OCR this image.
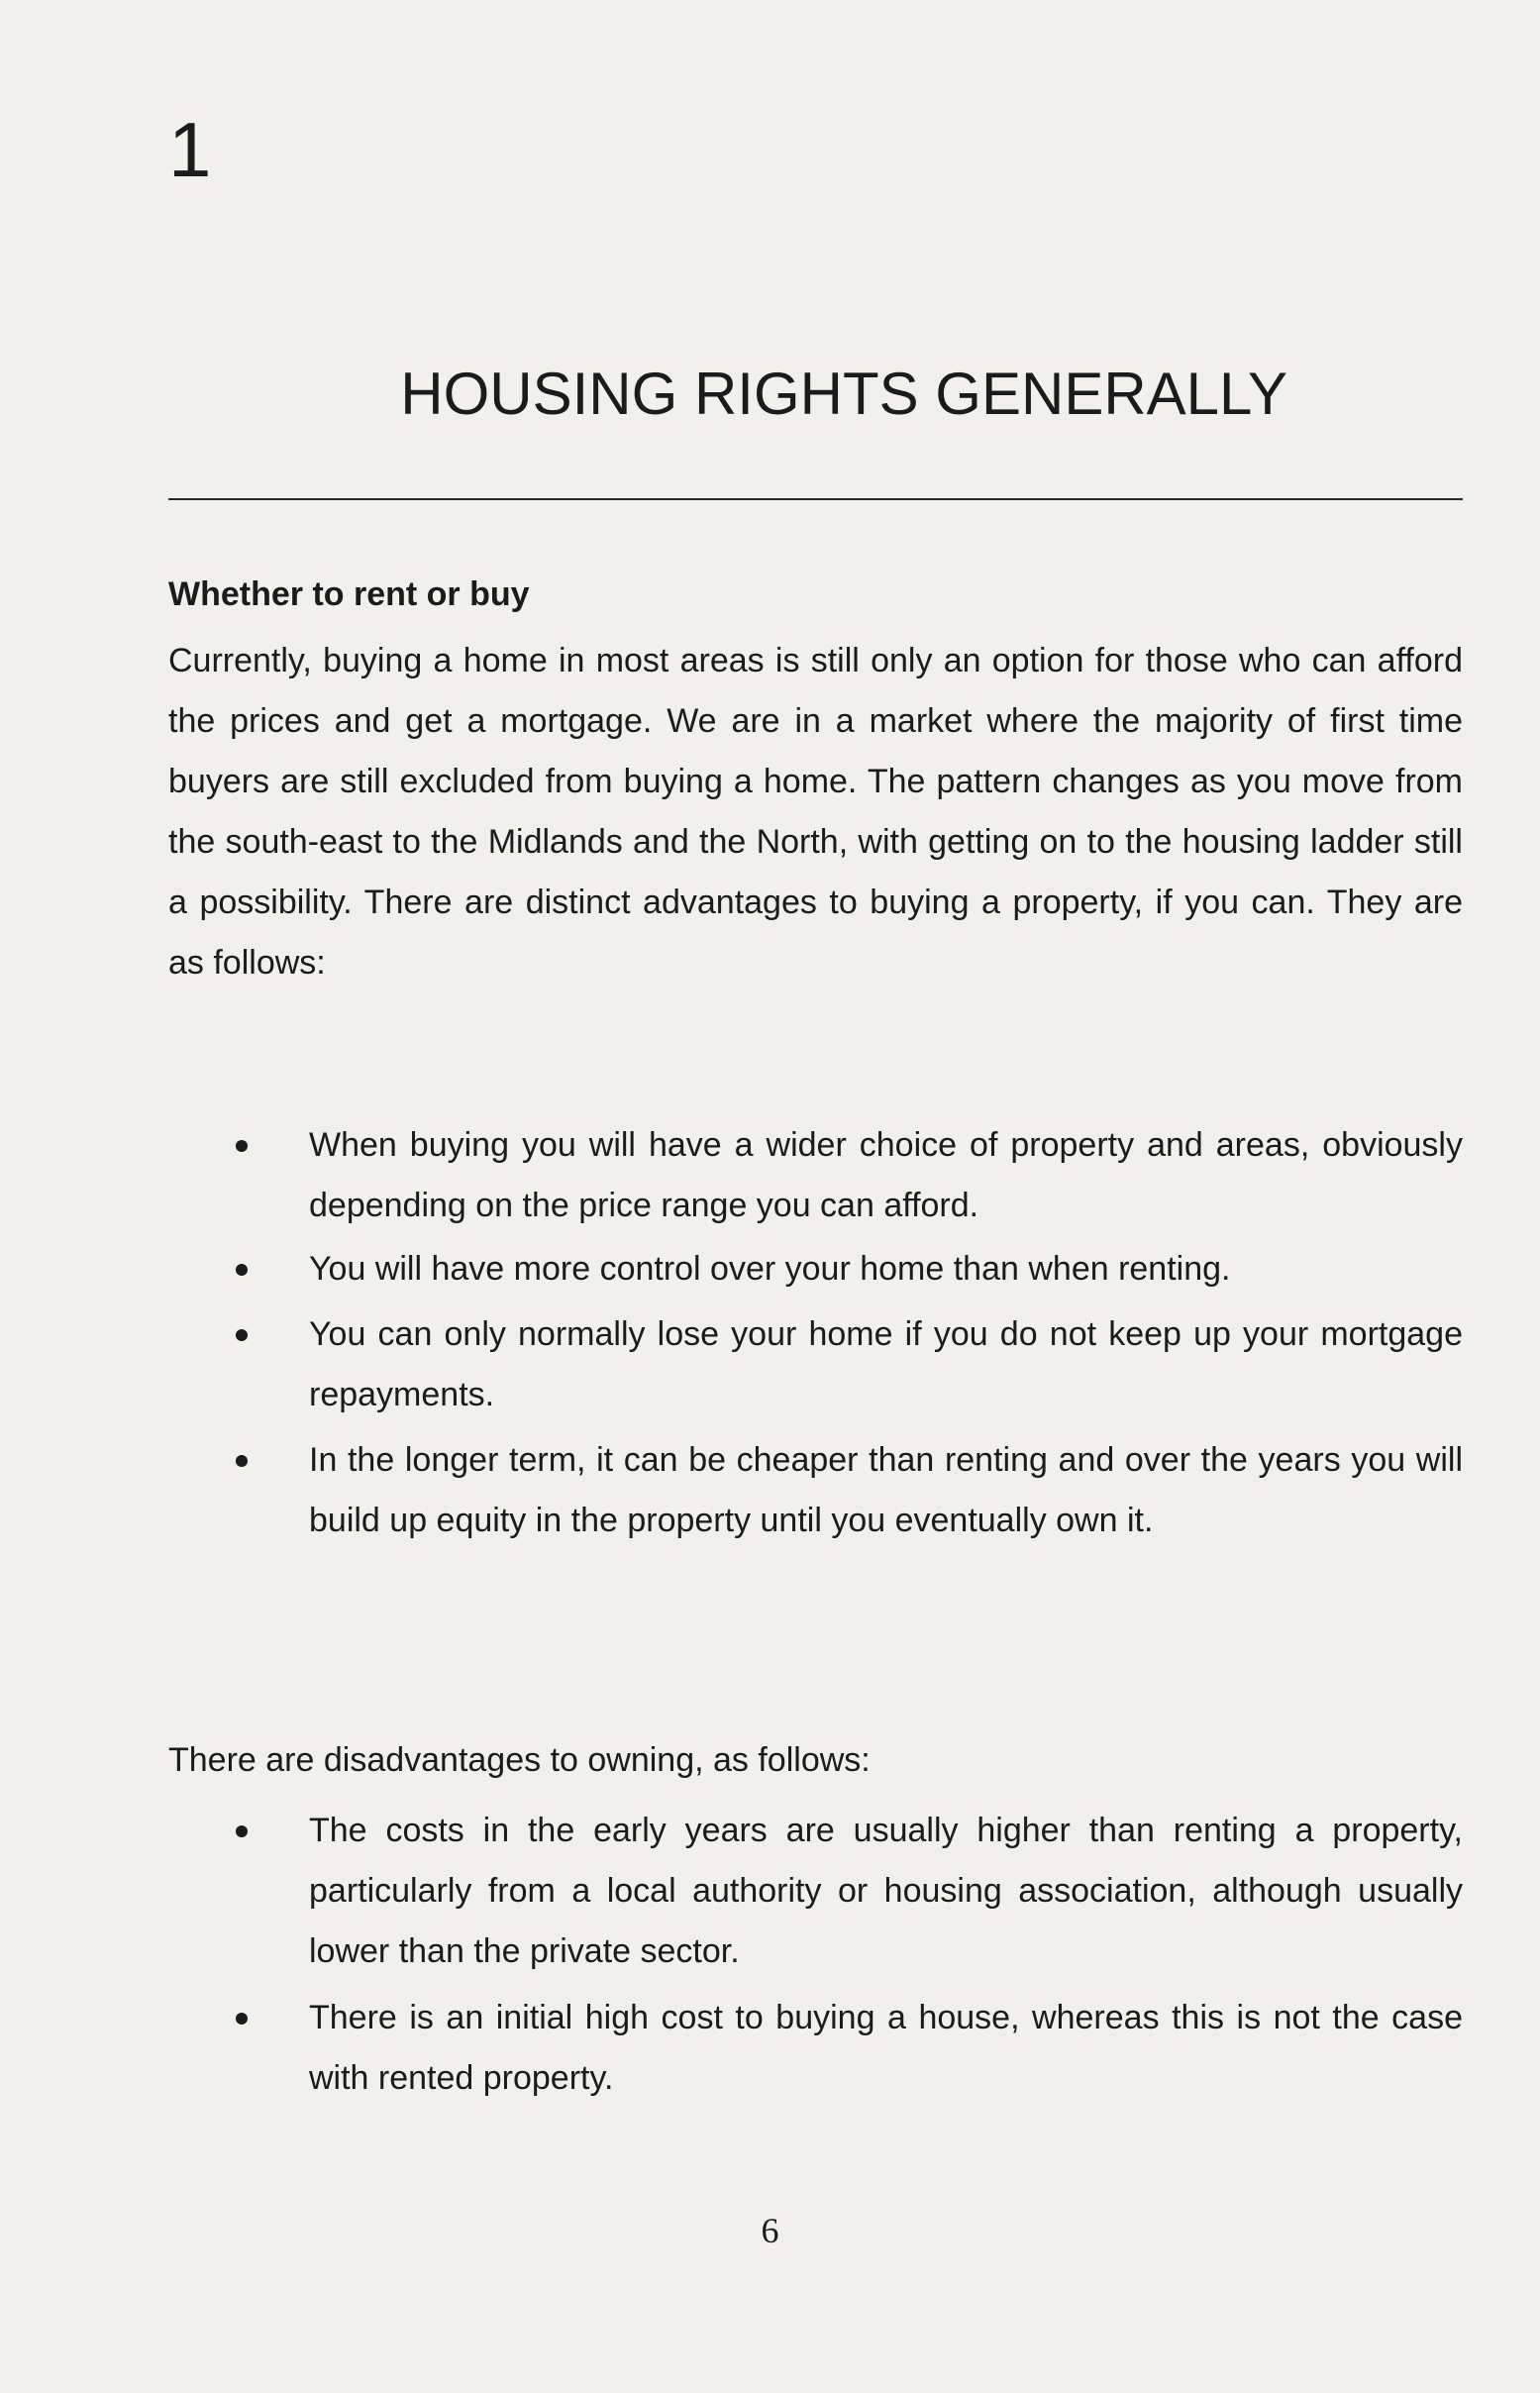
1
HOUSING RIGHTS GENERALLY
Whether to rent or buy

Currently, buying a home in most areas is still only an option for those who can afford the prices and get a mortgage. We are in a market where the majority of first time buyers are still excluded from buying a home. The pattern changes as you move from the south-east to the Midlands and the North, with getting on to the housing ladder still a possibility. There are distinct advantages to buying a property, if you can. They are as follows:

When buying you will have a wider choice of property and areas, obviously depending on the price range you can afford.
You will have more control over your home than when renting.
You can only normally lose your home if you do not keep up your mortgage repayments.
In the longer term, it can be cheaper than renting and over the years you will build up equity in the property until you eventually own it.

There are disadvantages to owning, as follows:

The costs in the early years are usually higher than renting a property, particularly from a local authority or housing association, although usually lower than the private sector.
There is an initial high cost to buying a house, whereas this is not the case with rented property.
6
